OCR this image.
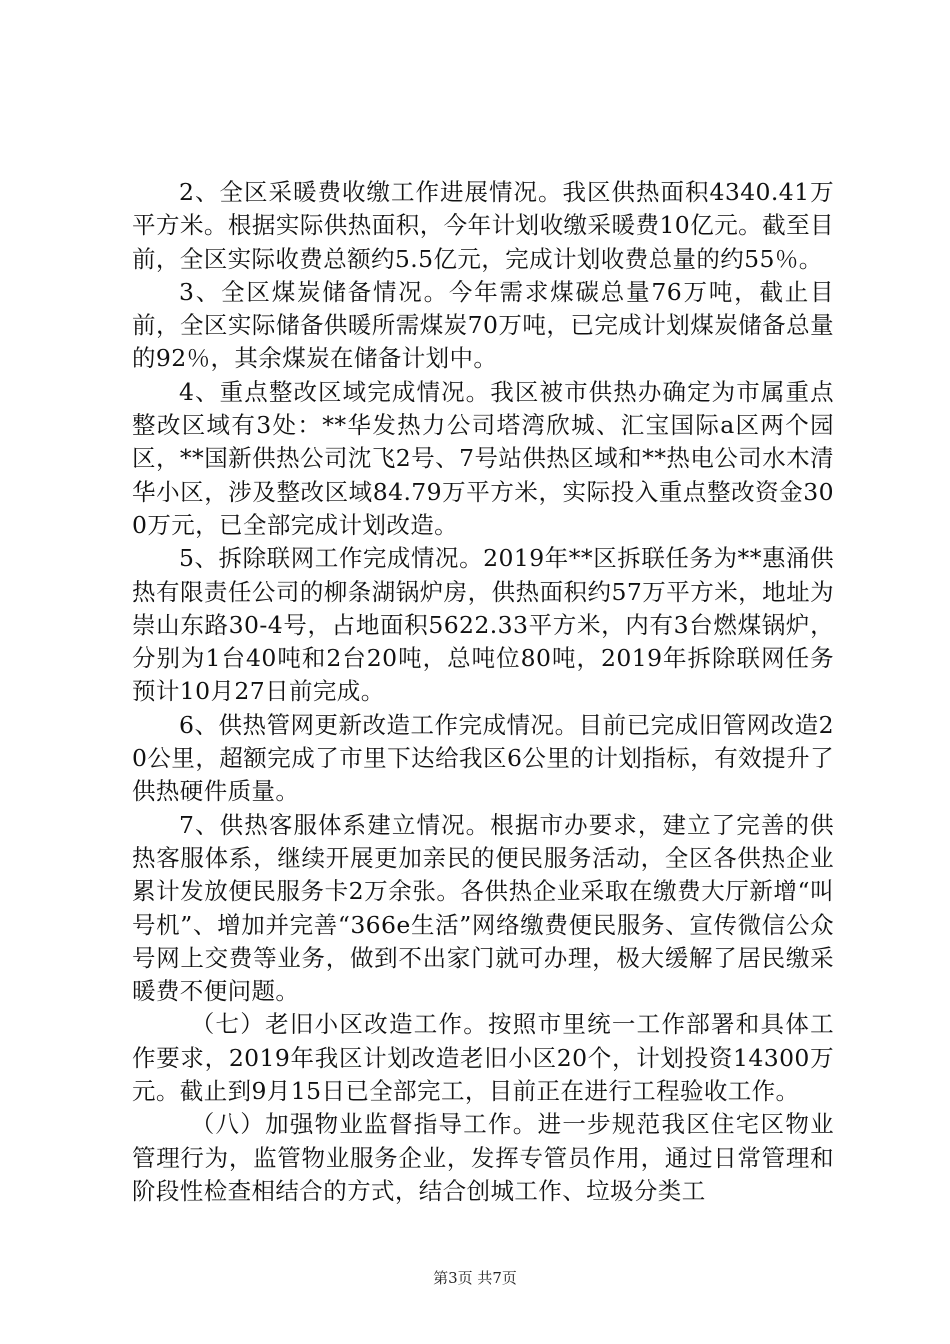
2、全区采暖费收缴工作进展情况。我区供热面积4340.41万平方米。根据实际供热面积，今年计划收缴采暖费10亿元。截至目前，全区实际收费总额约5.5亿元，完成计划收费总量的约55％。

3、全区煤炭储备情况。今年需求煤碳总量76万吨，截止目前，全区实际储备供暖所需煤炭70万吨，已完成计划煤炭储备总量的92％，其余煤炭在储备计划中。

4、重点整改区域完成情况。我区被市供热办确定为市属重点整改区域有3处：**华发热力公司塔湾欣城、汇宝国际a区两个园区，**国新供热公司沈飞2号、7号站供热区域和**热电公司水木清华小区，涉及整改区域84.79万平方米，实际投入重点整改资金300万元，已全部完成计划改造。

5、拆除联网工作完成情况。2019年**区拆联任务为**惠涌供热有限责任公司的柳条湖锅炉房，供热面积约57万平方米，地址为崇山东路30-4号，占地面积5622.33平方米，内有3台燃煤锅炉，分别为1台40吨和2台20吨，总吨位80吨，2019年拆除联网任务预计10月27日前完成。

6、供热管网更新改造工作完成情况。目前已完成旧管网改造20公里，超额完成了市里下达给我区6公里的计划指标，有效提升了供热硬件质量。

7、供热客服体系建立情况。根据市办要求，建立了完善的供热客服体系，继续开展更加亲民的便民服务活动，全区各供热企业累计发放便民服务卡2万余张。各供热企业采取在缴费大厅新增“叫号机”、增加并完善“366e生活”网络缴费便民服务、宣传微信公众号网上交费等业务，做到不出家门就可办理，极大缓解了居民缴采暖费不便问题。

（七）老旧小区改造工作。按照市里统一工作部署和具体工作要求，2019年我区计划改造老旧小区20个，计划投资14300万元。截止到9月15日已全部完工，目前正在进行工程验收工作。

（八）加强物业监督指导工作。进一步规范我区住宅区物业管理行为，监管物业服务企业，发挥专管员作用，通过日常管理和阶段性检查相结合的方式，结合创城工作、垃圾分类工

第3页 共7页
